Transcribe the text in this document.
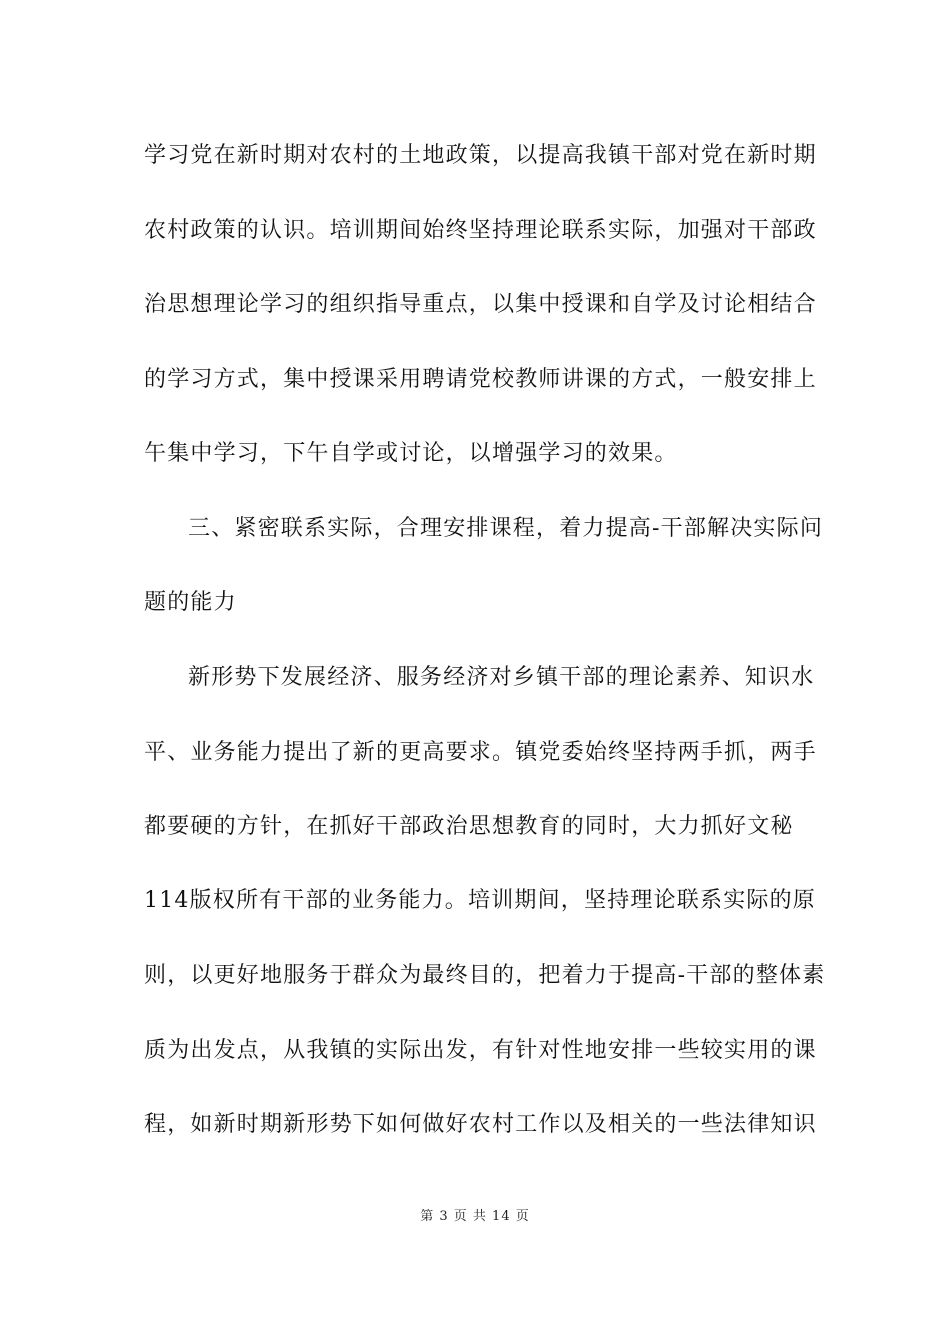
学习党在新时期对农村的土地政策，以提高我镇干部对党在新时期
农村政策的认识。培训期间始终坚持理论联系实际，加强对干部政
治思想理论学习的组织指导重点，以集中授课和自学及讨论相结合
的学习方式，集中授课采用聘请党校教师讲课的方式，一般安排上
午集中学习，下午自学或讨论，以增强学习的效果。
三、紧密联系实际，合理安排课程，着力提高-干部解决实际问
题的能力
新形势下发展经济、服务经济对乡镇干部的理论素养、知识水
平、业务能力提出了新的更高要求。镇党委始终坚持两手抓，两手
都要硬的方针，在抓好干部政治思想教育的同时，大力抓好文秘
114版权所有干部的业务能力。培训期间，坚持理论联系实际的原
则，以更好地服务于群众为最终目的，把着力于提高-干部的整体素
质为出发点，从我镇的实际出发，有针对性地安排一些较实用的课
程，如新时期新形势下如何做好农村工作以及相关的一些法律知识
第 3 页 共 14 页
